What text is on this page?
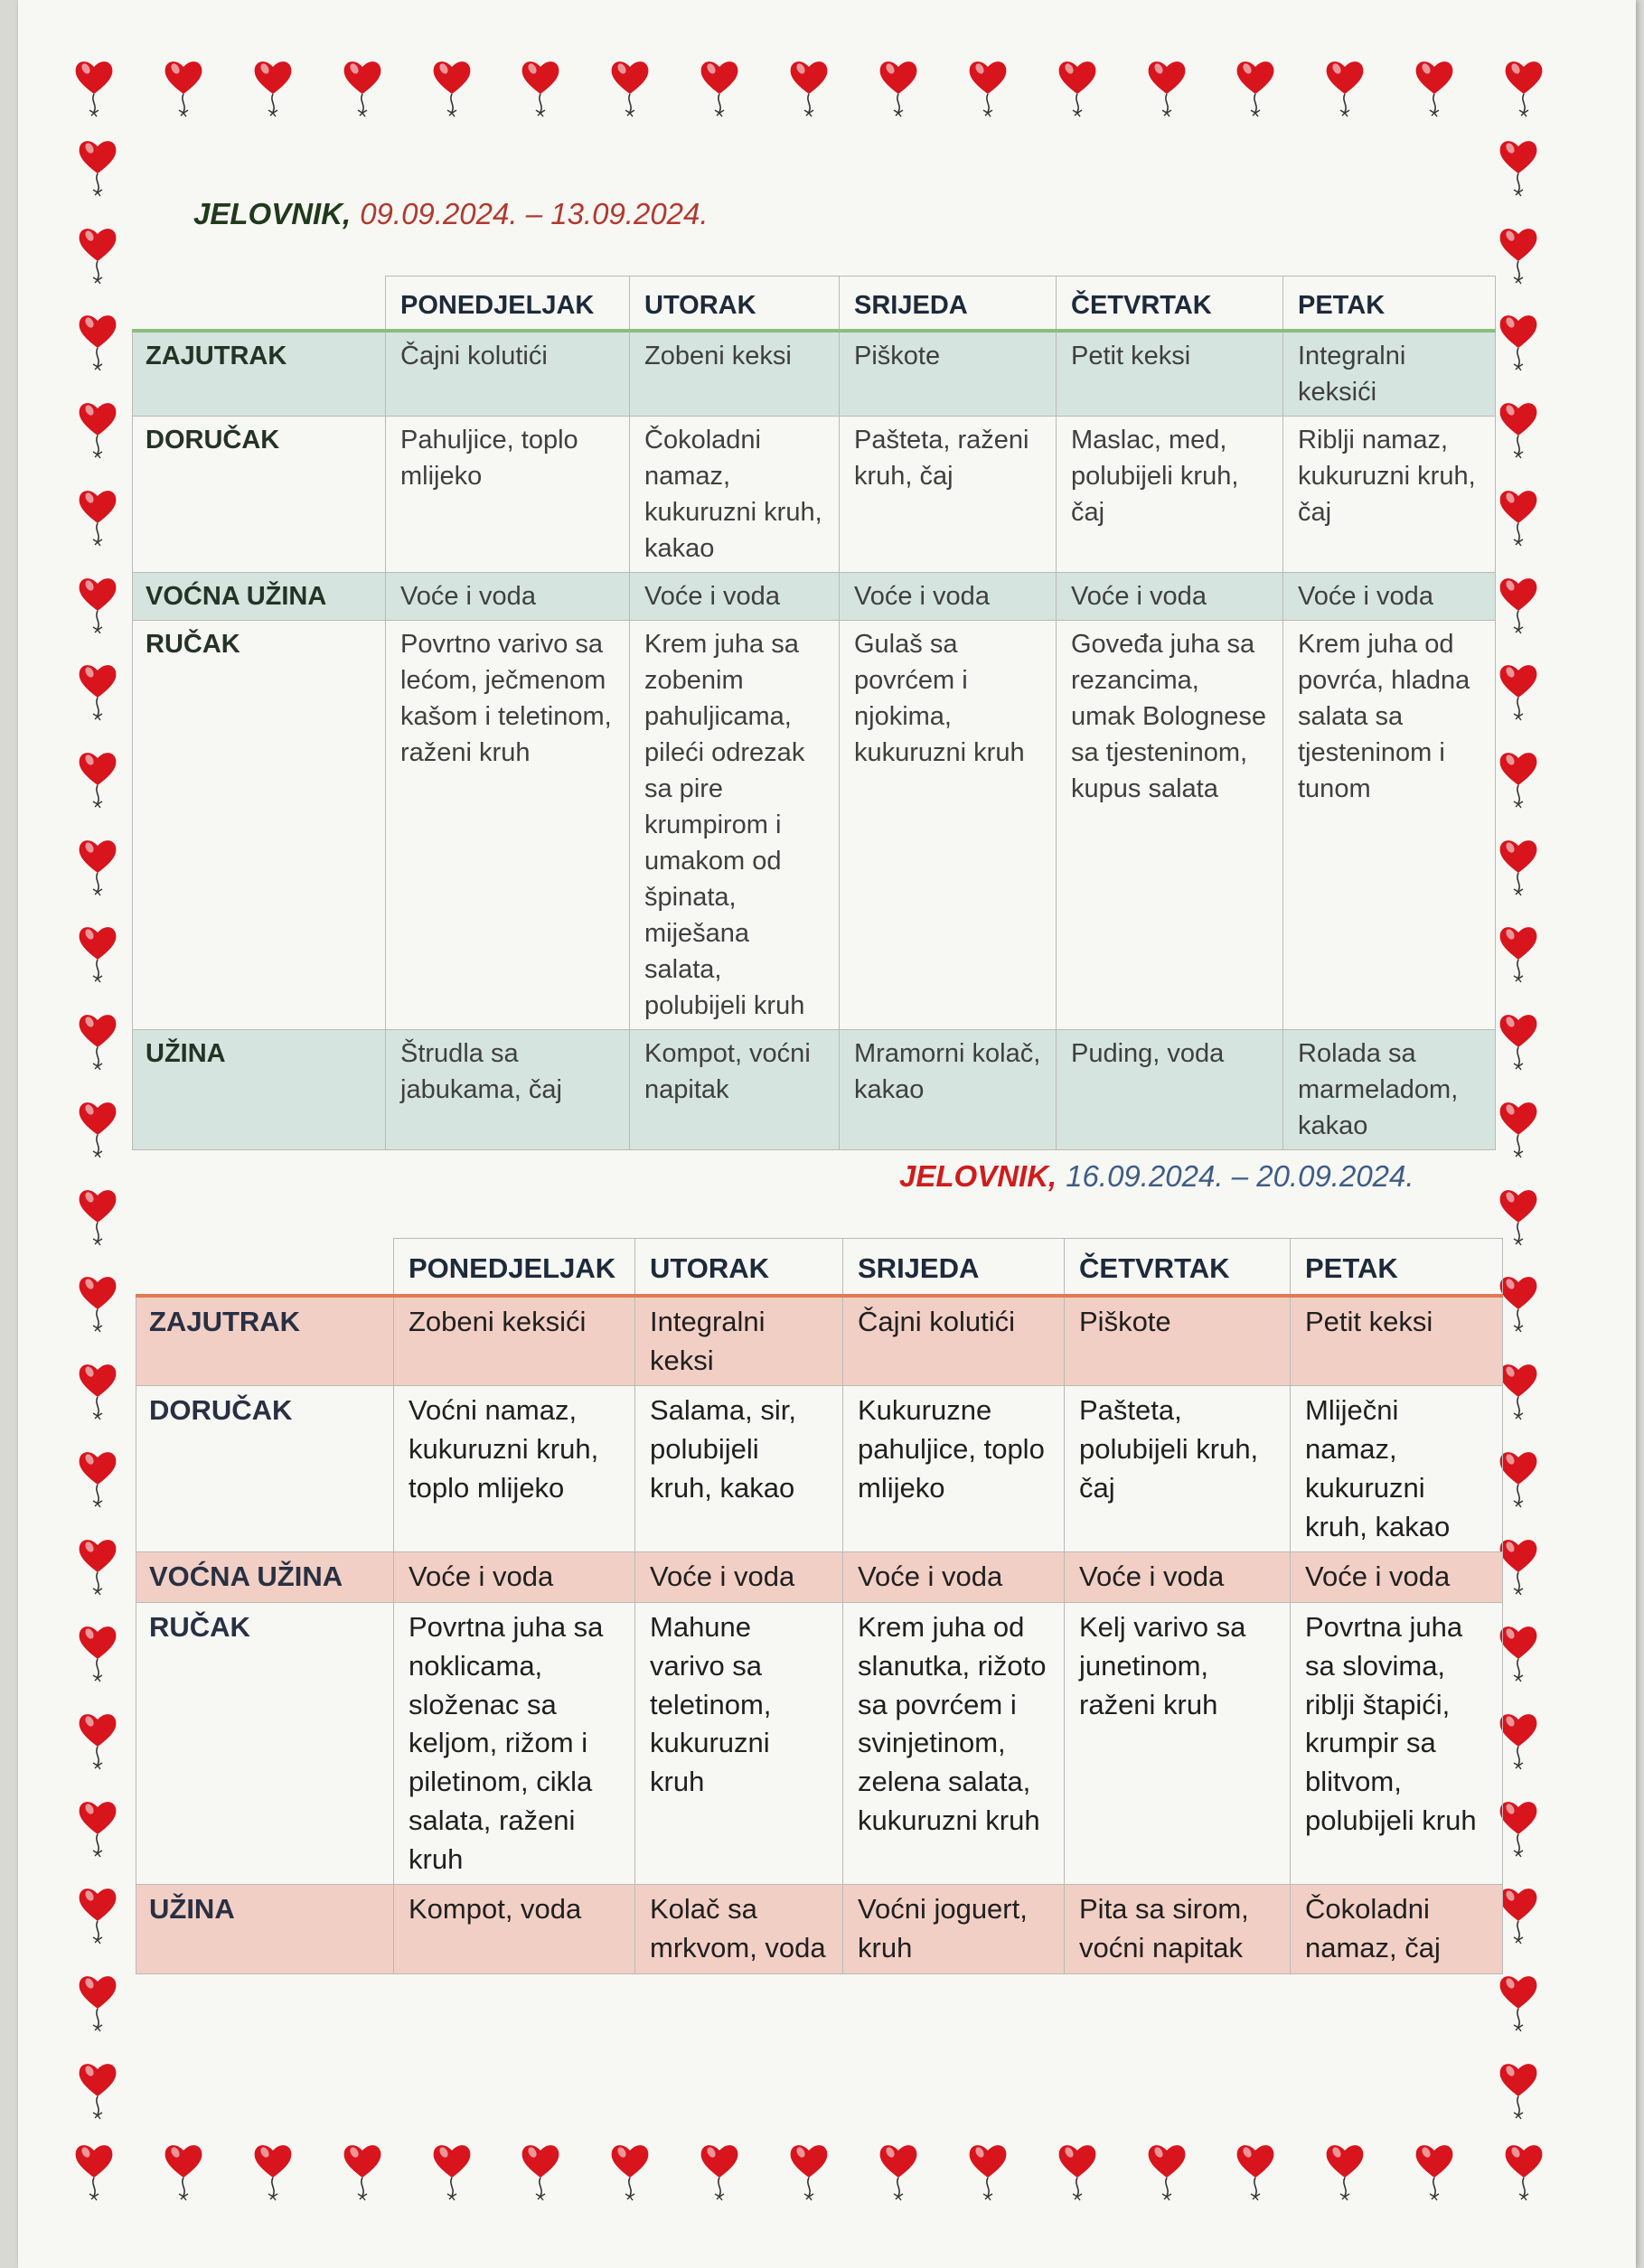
JELOVNIK, 09.09.2024. – 13.09.2024.
	PONEDJELJAK	UTORAK	SRIJEDA	ČETVRTAK	PETAK
ZAJUTRAK	Čajni kolutići	Zobeni keksi	Piškote	Petit keksi	Integralni keksići
DORUČAK	Pahuljice, toplo mlijeko	Čokoladni namaz, kukuruzni kruh, kakao	Pašteta, raženi kruh, čaj	Maslac, med, polubijeli kruh, čaj	Riblji namaz, kukuruzni kruh, čaj
VOĆNA UŽINA	Voće i voda	Voće i voda	Voće i voda	Voće i voda	Voće i voda
RUČAK	Povrtno varivo sa lećom, ječmenom kašom i teletinom, raženi kruh	Krem juha sa zobenim pahuljicama, pileći odrezak sa pire krumpirom i umakom od špinata, miješana salata, polubijeli kruh	Gulaš sa povrćem i njokima, kukuruzni kruh	Goveđa juha sa rezancima, umak Bolognese sa tjesteninom, kupus salata	Krem juha od povrća, hladna salata sa tjesteninom i tunom
UŽINA	Štrudla sa jabukama, čaj	Kompot, voćni napitak	Mramorni kolač, kakao	Puding, voda	Rolada sa marmeladom, kakao
JELOVNIK, 16.09.2024. – 20.09.2024.
	PONEDJELJAK	UTORAK	SRIJEDA	ČETVRTAK	PETAK
ZAJUTRAK	Zobeni keksići	Integralni keksi	Čajni kolutići	Piškote	Petit keksi
DORUČAK	Voćni namaz, kukuruzni kruh, toplo mlijeko	Salama, sir, polubijeli kruh, kakao	Kukuruzne pahuljice, toplo mlijeko	Pašteta, polubijeli kruh, čaj	Mliječni namaz, kukuruzni kruh, kakao
VOĆNA UŽINA	Voće i voda	Voće i voda	Voće i voda	Voće i voda	Voće i voda
RUČAK	Povrtna juha sa noklicama, složenac sa keljom, rižom i piletinom, cikla salata, raženi kruh	Mahune varivo sa teletinom, kukuruzni kruh	Krem juha od slanutka, rižoto sa povrćem i svinjetinom, zelena salata, kukuruzni kruh	Kelj varivo sa junetinom, raženi kruh	Povrtna juha sa slovima, riblji štapići, krumpir sa blitvom, polubijeli kruh
UŽINA	Kompot, voda	Kolač sa mrkvom, voda	Voćni joguert, kruh	Pita sa sirom, voćni napitak	Čokoladni namaz, čaj
